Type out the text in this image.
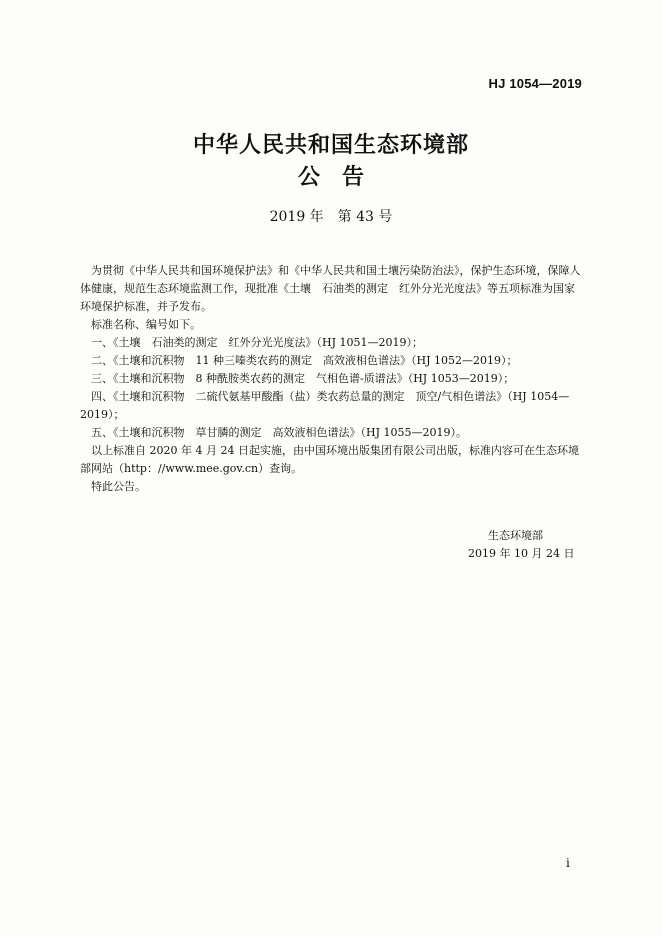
HJ 1054—2019
中华人民共和国生态环境部
公告
2019 年　第 43 号

为贯彻《中华人民共和国环境保护法》和《中华人民共和国土壤污染防治法》，保护生态环境，保障人体健康，规范生态环境监测工作，现批准《土壤　石油类的测定　红外分光光度法》等五项标准为国家环境保护标准，并予发布。

标准名称、编号如下。

一、《土壤　石油类的测定　红外分光光度法》（HJ 1051—2019）；

二、《土壤和沉积物　11 种三嗪类农药的测定　高效液相色谱法》（HJ 1052—2019）；

三、《土壤和沉积物　8 种酰胺类农药的测定　气相色谱-质谱法》（HJ 1053—2019）；

四、《土壤和沉积物　二硫代氨基甲酸酯（盐）类农药总量的测定　顶空/气相色谱法》（HJ 1054—2019）；

五、《土壤和沉积物　草甘膦的测定　高效液相色谱法》（HJ 1055—2019）。

以上标准自 2020 年 4 月 24 日起实施，由中国环境出版集团有限公司出版，标准内容可在生态环境部网站（http：//www.mee.gov.cn）查询。

特此公告。

生态环境部
2019 年 10 月 24 日
i
